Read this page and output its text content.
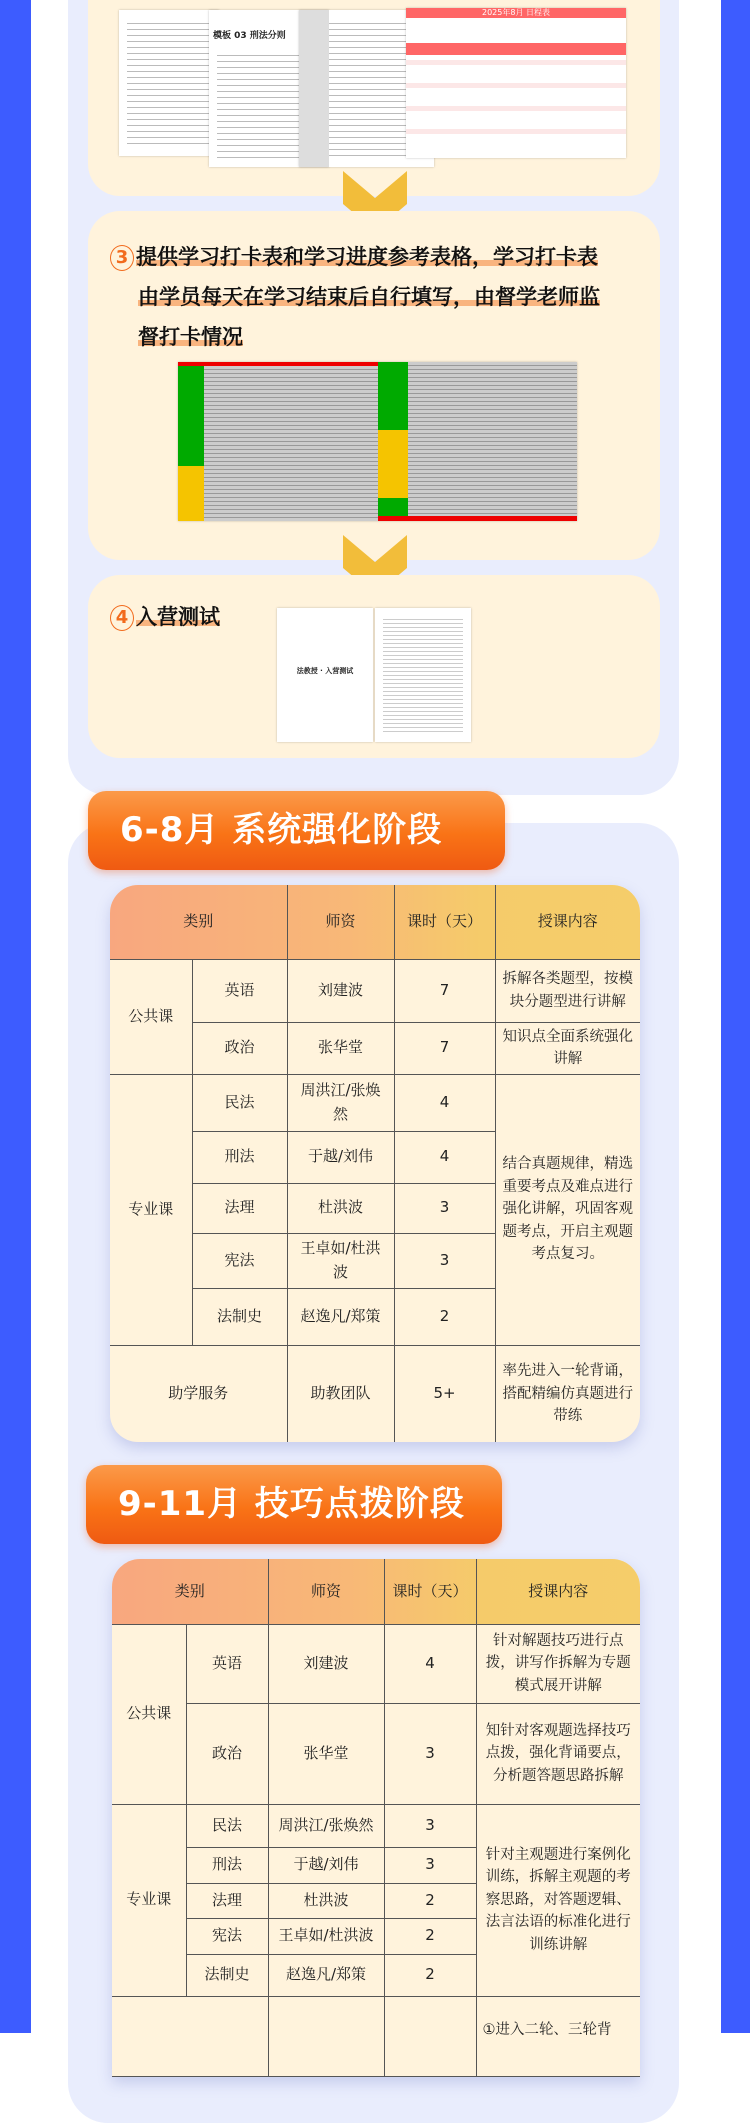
模板 03 刑法分则
2025年8月 日程表
3 提供学习打卡表和学习进度参考表格，学习打卡表
由学员每天在学习结束后自行填写，由督学老师监
督打卡情况
4 入营测试
法教授 · 入营测试
6-8月 系统强化阶段
类别		师资	课时（天）	授课内容
公共课	英语	刘建波	7	拆解各类题型，按模块分题型进行讲解
	政治	张华堂	7	知识点全面系统强化讲解
专业课	民法	周洪江/张焕然	4	结合真题规律，精选重要考点及难点进行强化讲解，巩固客观题考点，开启主观题考点复习。
	刑法	于越/刘伟	4	
	法理	杜洪波	3	
	宪法	王卓如/杜洪波	3	
	法制史	赵逸凡/郑策	2	
助学服务		助教团队	5+	率先进入一轮背诵，搭配精编仿真题进行带练
9-11月 技巧点拨阶段
类别		师资	课时（天）	授课内容
公共课	英语	刘建波	4	针对解题技巧进行点拨，讲写作拆解为专题模式展开讲解
	政治	张华堂	3	知针对客观题选择技巧点拨，强化背诵要点，分析题答题思路拆解
专业课	民法	周洪江/张焕然	3	针对主观题进行案例化训练，拆解主观题的考察思路，对答题逻辑、法言法语的标准化进行训练讲解
	刑法	于越/刘伟	3	
	法理	杜洪波	2	
	宪法	王卓如/杜洪波	2	
	法制史	赵逸凡/郑策	2	
				①进入二轮、三轮背
